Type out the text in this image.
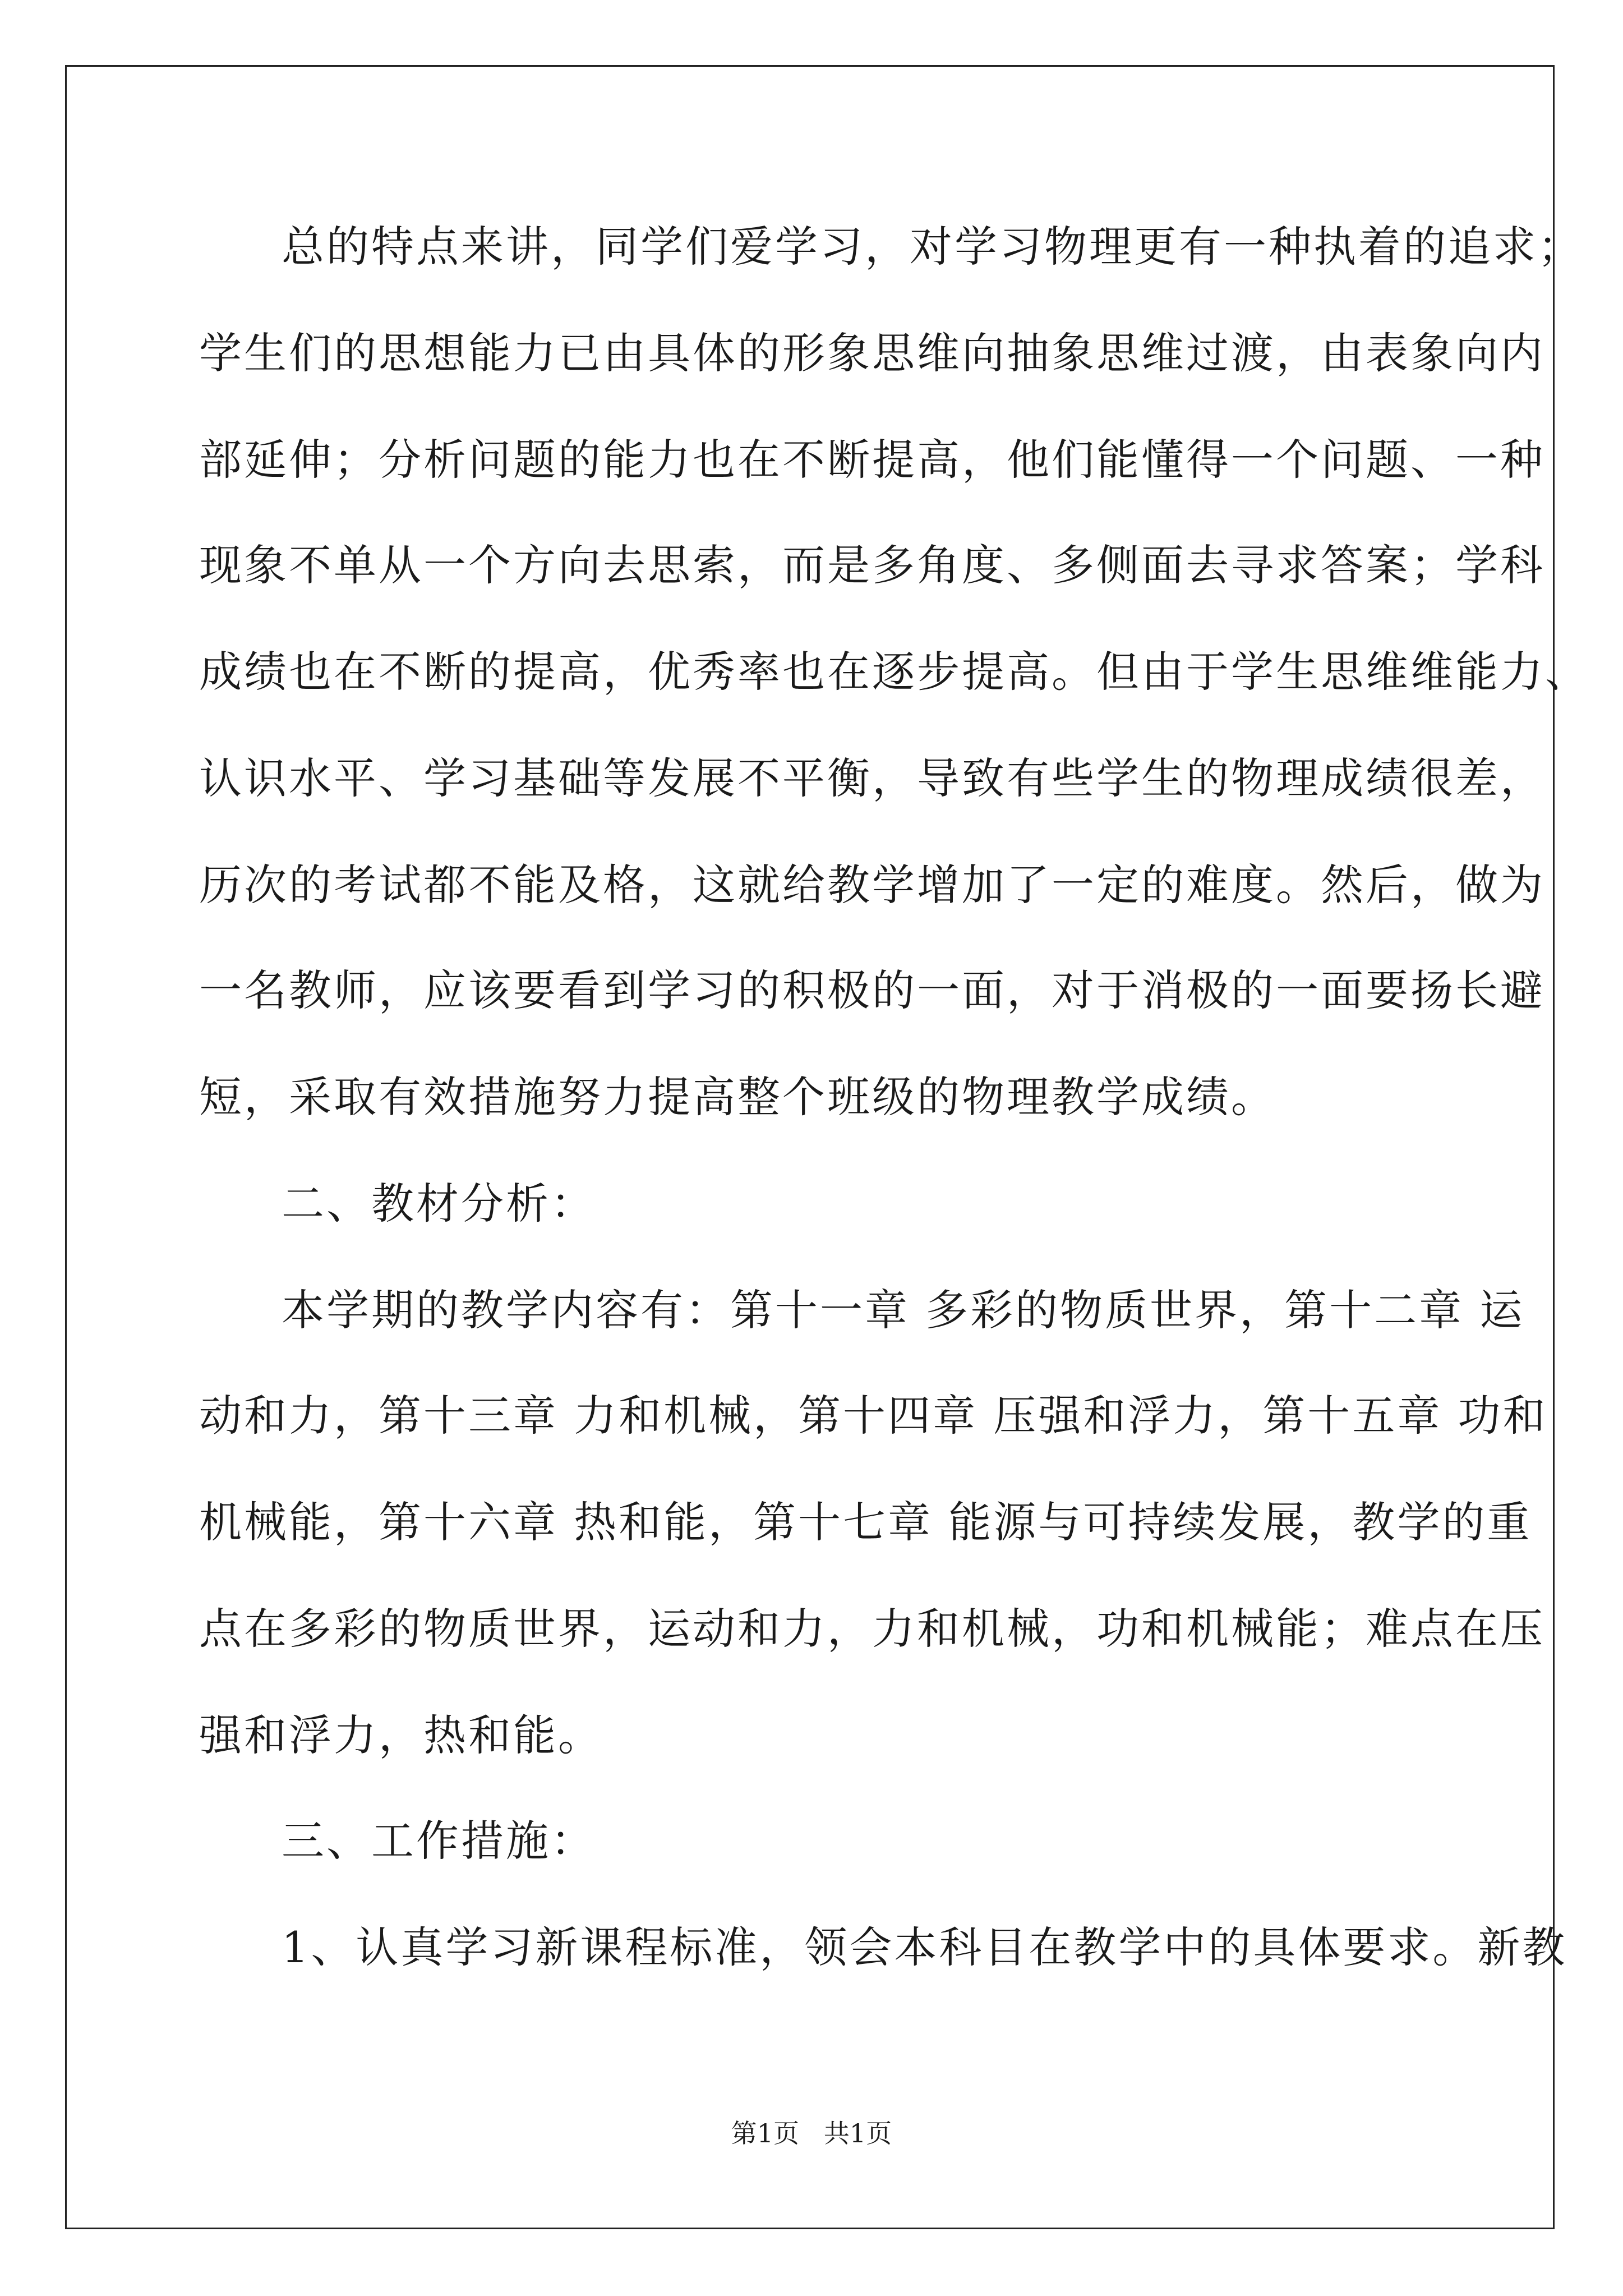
总的特点来讲，同学们爱学习，对学习物理更有一种执着的追求；
学生们的思想能力已由具体的形象思维向抽象思维过渡，由表象向内
部延伸；分析问题的能力也在不断提高，他们能懂得一个问题、一种
现象不单从一个方向去思索，而是多角度、多侧面去寻求答案；学科
成绩也在不断的提高，优秀率也在逐步提高。但由于学生思维维能力、
认识水平、学习基础等发展不平衡，导致有些学生的物理成绩很差，
历次的考试都不能及格，这就给教学增加了一定的难度。然后，做为
一名教师，应该要看到学习的积极的一面，对于消极的一面要扬长避
短，采取有效措施努力提高整个班级的物理教学成绩。
二、教材分析：
本学期的教学内容有：第十一章 多彩的物质世界，第十二章 运
动和力，第十三章 力和机械，第十四章 压强和浮力，第十五章 功和
机械能，第十六章 热和能，第十七章 能源与可持续发展，教学的重
点在多彩的物质世界，运动和力，力和机械，功和机械能；难点在压
强和浮力，热和能。
三、工作措施：
1、认真学习新课程标准，领会本科目在教学中的具体要求。新教
第1页   共1页
